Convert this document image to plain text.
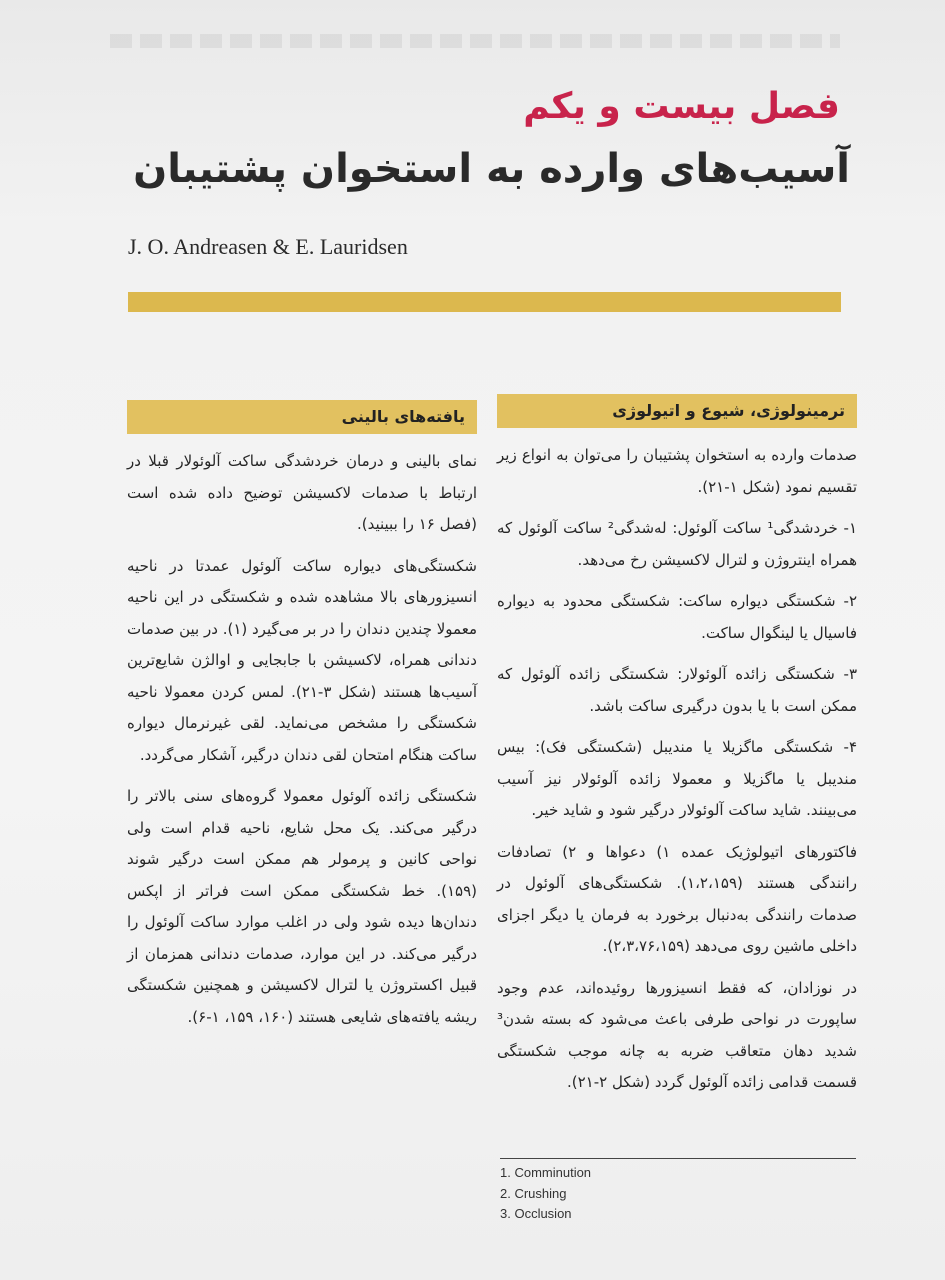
فصل بیست و یکم
آسیب‌های وارده به استخوان پشتیبان
J. O. Andreasen & E. Lauridsen
ترمینولوژی، شیوع و اتیولوژی

صدمات وارده به استخوان پشتیبان را می‌توان به انواع زیر تقسیم نمود (شکل ۱-۲۱).

۱- خردشدگی¹ ساکت آلوئول: له‌شدگی² ساکت آلوئول که همراه اینتروژن و لترال لاکسیشن رخ می‌دهد.

۲- شکستگی دیواره ساکت: شکستگی محدود به دیواره فاسیال یا لینگوال ساکت.

۳- شکستگی زائده آلوئولار: شکستگی زائده آلوئول که ممکن است با یا بدون درگیری ساکت باشد.

۴- شکستگی ماگزیلا یا مندیبل (شکستگی فک): بیس مندیبل یا ماگزیلا و معمولا زائده آلوئولار نیز آسیب می‌بینند. شاید ساکت آلوئولار درگیر شود و شاید خیر.

فاکتورهای اتیولوژیک عمده ۱) دعواها و ۲) تصادفات رانندگی هستند (۱،۲،۱۵۹). شکستگی‌های آلوئول در صدمات رانندگی به‌دنبال برخورد به فرمان یا دیگر اجزای داخلی ماشین روی می‌دهد (۲،۳،۷۶،۱۵۹).

در نوزادان، که فقط انسیزورها روئیده‌اند، عدم وجود ساپورت در نواحی طرفی باعث می‌شود که بسته شدن³ شدید دهان متعاقب ضربه به چانه موجب شکستگی قسمت قدامی زائده آلوئول گردد (شکل ۲-۲۱).

یافته‌های بالینی

نمای بالینی و درمان خردشدگی ساکت آلوئولار قبلا در ارتباط با صدمات لاکسیشن توضیح داده شده است (فصل ۱۶ را ببینید).

شکستگی‌های دیواره ساکت آلوئول عمدتا در ناحیه انسیزورهای بالا مشاهده شده و شکستگی در این ناحیه معمولا چندین دندان را در بر می‌گیرد (۱). در بین صدمات دندانی همراه، لاکسیشن با جابجایی و اوالژن شایع‌ترین آسیب‌ها هستند (شکل ۳-۲۱). لمس کردن معمولا ناحیه شکستگی را مشخص می‌نماید. لقی غیرنرمال دیواره ساکت هنگام امتحان لقی دندان درگیر، آشکار می‌گردد.

شکستگی زائده آلوئول معمولا گروه‌های سنی بالاتر را درگیر می‌کند. یک محل شایع، ناحیه قدام است ولی نواحی کانین و پرمولر هم ممکن است درگیر شوند (۱۵۹). خط شکستگی ممکن است فراتر از اپکس دندان‌ها دیده شود ولی در اغلب موارد ساکت آلوئول را درگیر می‌کند. در این موارد، صدمات دندانی همزمان از قبیل اکستروژن یا لترال لاکسیشن و همچنین شکستگی ریشه یافته‌های شایعی هستند (۱۶۰، ۱۵۹، ۱-۶).

1. Comminution
2. Crushing
3. Occlusion
